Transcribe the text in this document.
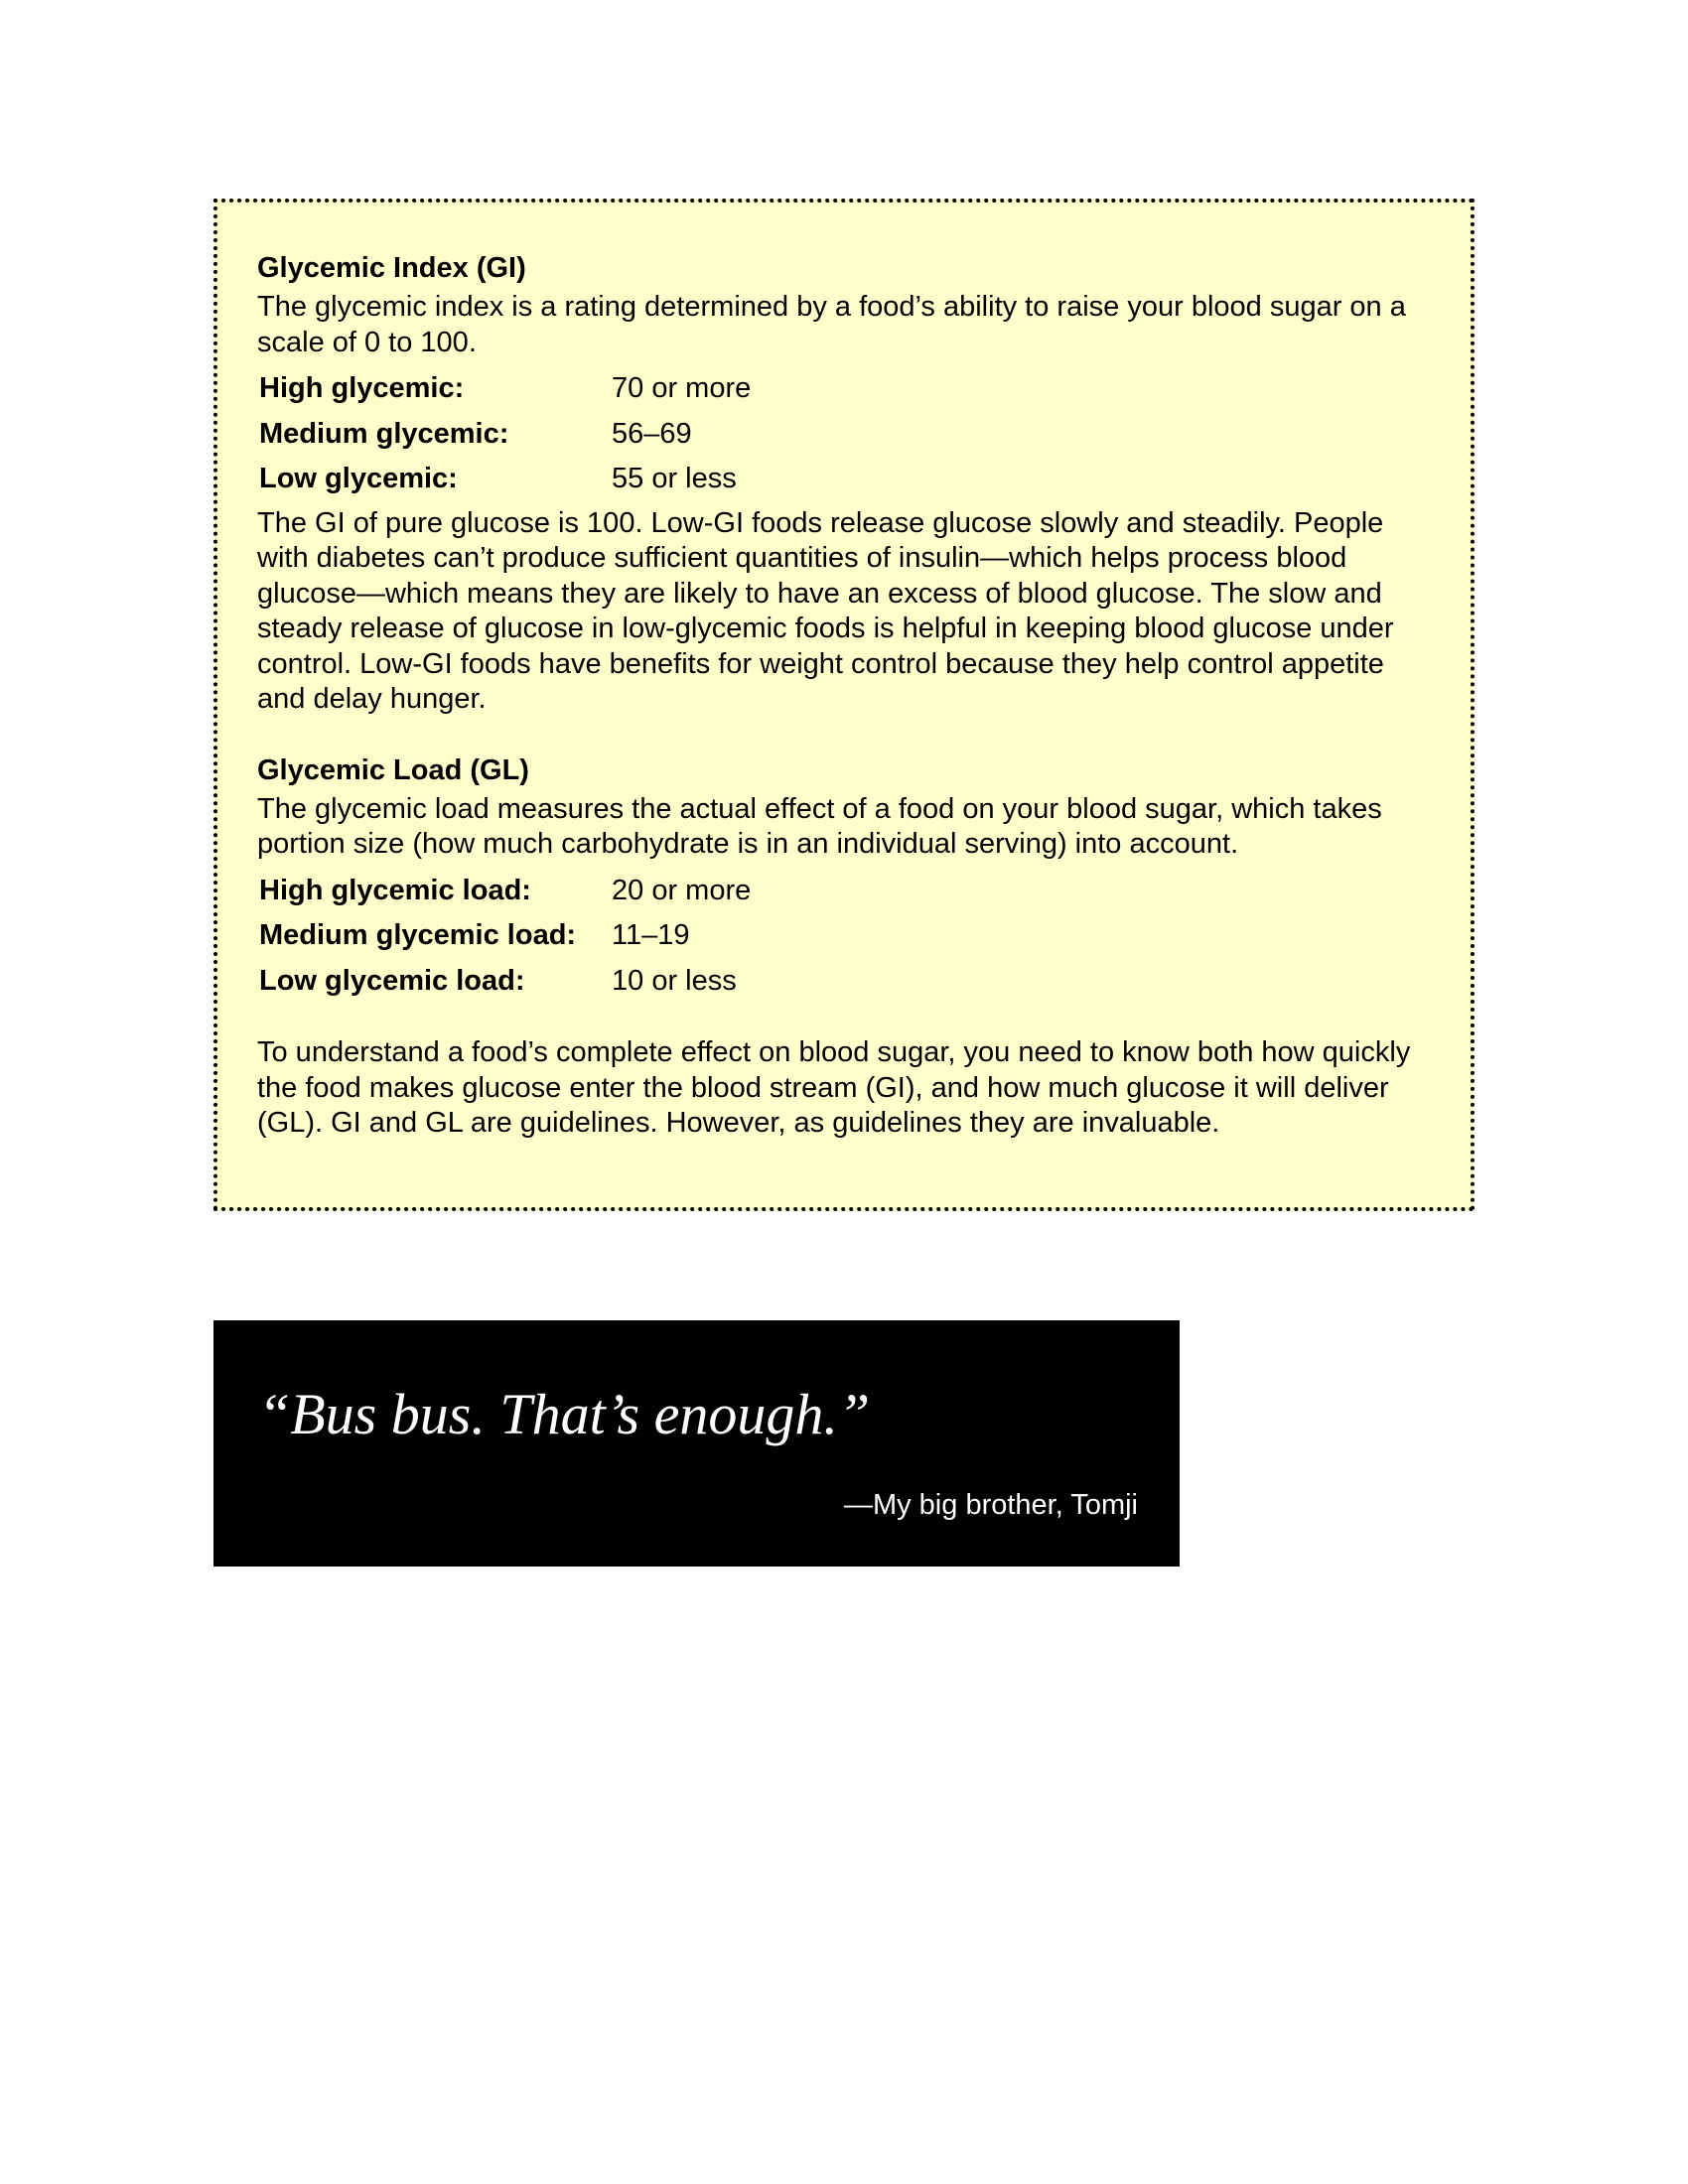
Glycemic Index (GI)

The glycemic index is a rating determined by a food’s ability to raise your blood sugar on a scale of 0 to 100.

High glycemic:	70 or more
Medium glycemic:	56–69
Low glycemic:	55 or less

The GI of pure glucose is 100. Low-GI foods release glucose slowly and steadily. People with diabetes can’t produce sufficient quantities of insulin—which helps process blood glucose—which means they are likely to have an excess of blood glucose. The slow and steady release of glucose in low-glycemic foods is helpful in keeping blood glucose under control. Low-GI foods have benefits for weight control because they help control appetite and delay hunger.

Glycemic Load (GL)

The glycemic load measures the actual effect of a food on your blood sugar, which takes portion size (how much carbohydrate is in an individual serving) into account.

High glycemic load:	20 or more
Medium glycemic load:	11–19
Low glycemic load:	10 or less

To understand a food’s complete effect on blood sugar, you need to know both how quickly the food makes glucose enter the blood stream (GI), and how much glucose it will deliver (GL). GI and GL are guidelines. However, as guidelines they are invaluable.

“Bus bus. That’s enough.”

—My big brother, Tomji
